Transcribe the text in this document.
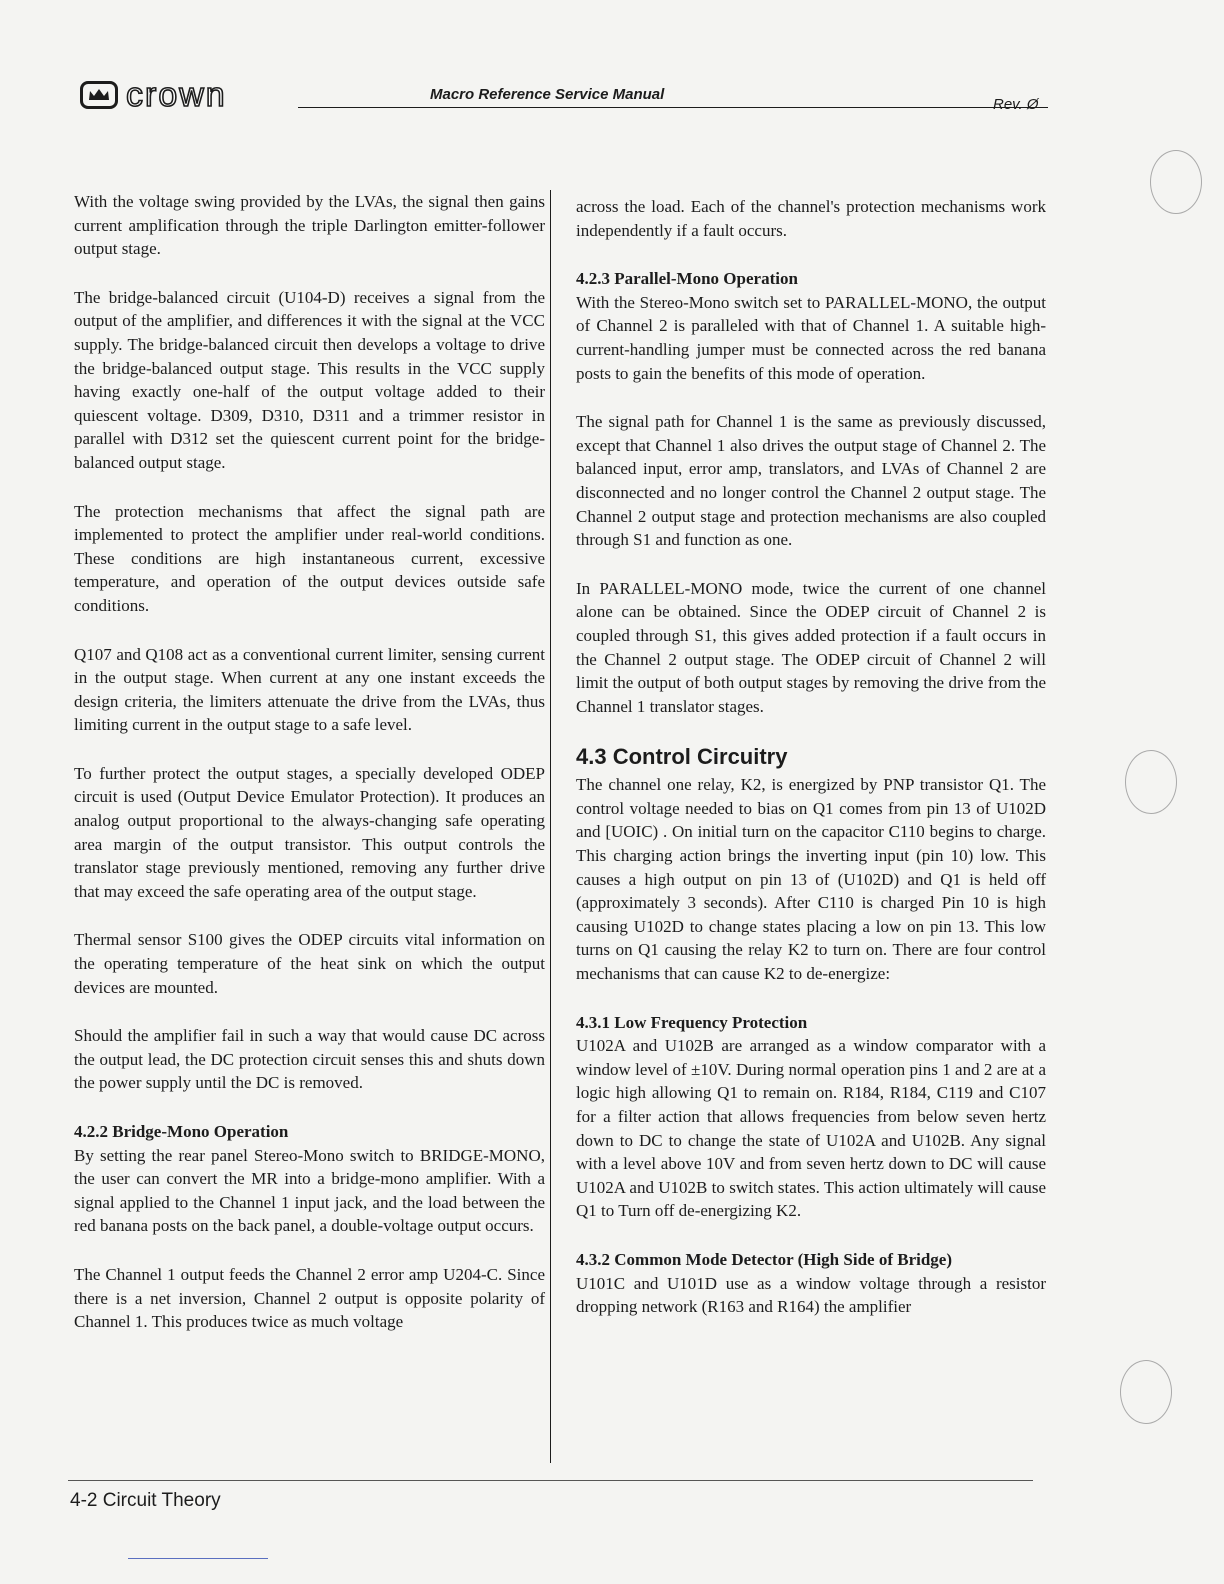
crown	Macro Reference Service Manual
Rev. Ø

With the voltage swing provided by the LVAs, the signal then gains current amplification through the triple Darlington emitter-follower output stage.

The bridge-balanced circuit (U104-D) receives a signal from the output of the amplifier, and differences it with the signal at the VCC supply. The bridge-balanced circuit then develops a voltage to drive the bridge-balanced output stage. This results in the VCC supply having exactly one-half of the output voltage added to their quiescent voltage. D309, D310, D311 and a trimmer resistor in parallel with D312 set the quiescent current point for the bridge-balanced output stage.

The protection mechanisms that affect the signal path are implemented to protect the amplifier under real-world conditions. These conditions are high instantaneous current, excessive temperature, and operation of the output devices outside safe conditions.

Q107 and Q108 act as a conventional current limiter, sensing current in the output stage. When current at any one instant exceeds the design criteria, the limiters attenuate the drive from the LVAs, thus limiting current in the output stage to a safe level.

To further protect the output stages, a specially developed ODEP circuit is used (Output Device Emulator Protection). It produces an analog output proportional to the always-changing safe operating area margin of the output transistor. This output controls the translator stage previously mentioned, removing any further drive that may exceed the safe operating area of the output stage.

Thermal sensor S100 gives the ODEP circuits vital information on the operating temperature of the heat sink on which the output devices are mounted.

Should the amplifier fail in such a way that would cause DC across the output lead, the DC protection circuit senses this and shuts down the power supply until the DC is removed.

4.2.2 Bridge-Mono Operation

By setting the rear panel Stereo-Mono switch to BRIDGE-MONO, the user can convert the MR into a bridge-mono amplifier. With a signal applied to the Channel 1 input jack, and the load between the red banana posts on the back panel, a double-voltage output occurs.

The Channel 1 output feeds the Channel 2 error amp U204-C. Since there is a net inversion, Channel 2 output is opposite polarity of Channel 1. This produces twice as much voltage

across the load. Each of the channel's protection mechanisms work independently if a fault occurs.

4.2.3 Parallel-Mono Operation

With the Stereo-Mono switch set to PARALLEL-MONO, the output of Channel 2 is paralleled with that of Channel 1. A suitable high-current-handling jumper must be connected across the red banana posts to gain the benefits of this mode of operation.

The signal path for Channel 1 is the same as previously discussed, except that Channel 1 also drives the output stage of Channel 2. The balanced input, error amp, translators, and LVAs of Channel 2 are disconnected and no longer control the Channel 2 output stage. The Channel 2 output stage and protection mechanisms are also coupled through S1 and function as one.

In PARALLEL-MONO mode, twice the current of one channel alone can be obtained. Since the ODEP circuit of Channel 2 is coupled through S1, this gives added protection if a fault occurs in the Channel 2 output stage. The ODEP circuit of Channel 2 will limit the output of both output stages by removing the drive from the Channel 1 translator stages.

4.3 Control Circuitry

The channel one relay, K2, is energized by PNP transistor Q1. The control voltage needed to bias on Q1 comes from pin 13 of U102D and [UOIC) . On initial turn on the capacitor C110 begins to charge. This charging action brings the inverting input (pin 10) low. This causes a high output on pin 13 of (U102D) and Q1 is held off (approximately 3 seconds). After C110 is charged Pin 10 is high causing U102D to change states placing a low on pin 13. This low turns on Q1 causing the relay K2 to turn on. There are four control mechanisms that can cause K2 to de-energize:

4.3.1 Low Frequency Protection

U102A and U102B are arranged as a window comparator with a window level of ±10V. During normal operation pins 1 and 2 are at a logic high allowing Q1 to remain on. R184, R184, C119 and C107 for a filter action that allows frequencies from below seven hertz down to DC to change the state of U102A and U102B. Any signal with a level above 10V and from seven hertz down to DC will cause U102A and U102B to switch states. This action ultimately will cause Q1 to Turn off de-energizing K2.

4.3.2 Common Mode Detector (High Side of Bridge)

U101C and U101D use as a window voltage through a resistor dropping network (R163 and R164) the amplifier

4-2 Circuit Theory
